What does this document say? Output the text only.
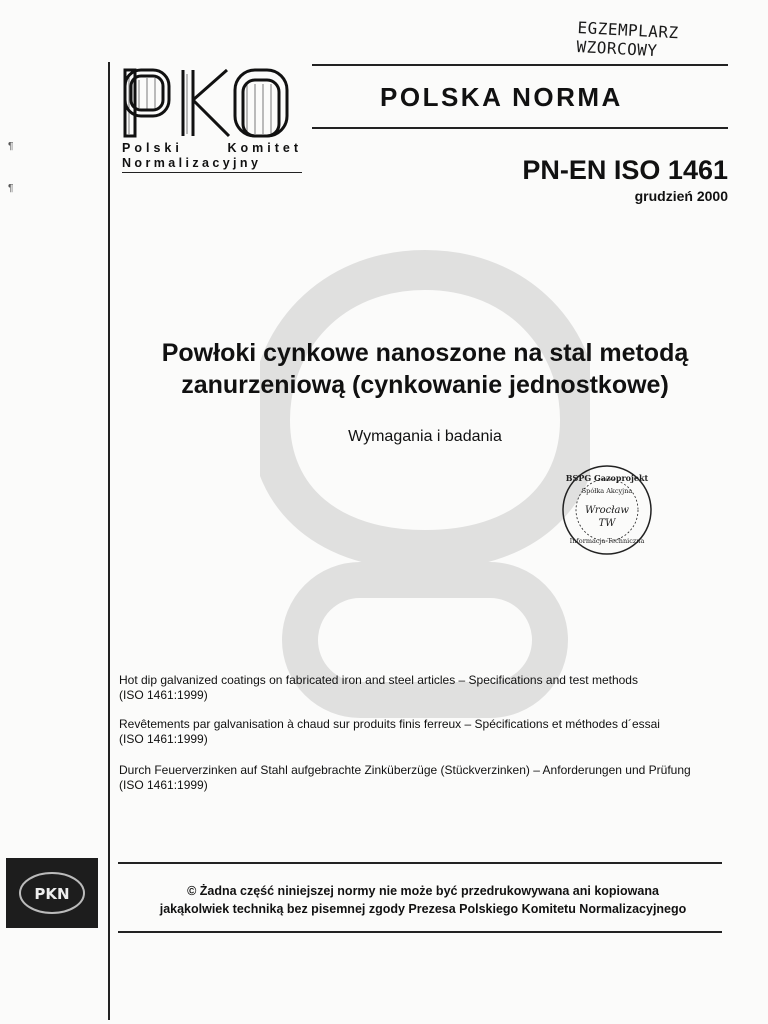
EGZEMPLARZ WZORCOWY
Polski	Komitet
Normalizacyjny
POLSKA NORMA
PN-EN ISO 1461
grudzień 2000
Powłoki cynkowe nanoszone na stal metodą
zanurzeniową (cynkowanie jednostkowe)
Wymagania i badania
BSPG Gazoprojekt
Spółka Akcyjna
Wrocław
TW
Informacja Techniczna
Hot dip galvanized coatings on fabricated iron and steel articles – Specifications and test methods
(ISO 1461:1999)
Revêtements par galvanisation à chaud sur produits finis ferreux – Spécifications et méthodes d´essai
(ISO 1461:1999)
Durch Feuerverzinken auf Stahl aufgebrachte Zinküberzüge (Stückverzinken) – Anforderungen und Prüfung
(ISO 1461:1999)
© Żadna część niniejszej normy nie może być przedrukowywana ani kopiowana
jakąkolwiek techniką bez pisemnej zgody Prezesa Polskiego Komitetu Normalizacyjnego
PKN
¶

¶
